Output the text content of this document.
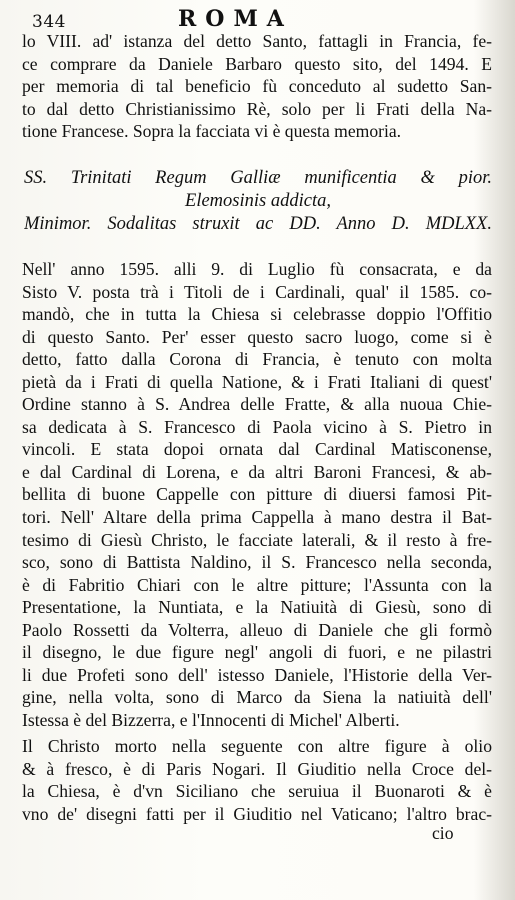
344	ROMA
lo VIII. ad' istanza del detto Santo, fattagli in Francia, fe-
ce comprare da Daniele Barbaro questo sito, del 1494. E
per memoria di tal beneficio fù conceduto al sudetto San-
to dal detto Christianissimo Rè, solo per li Frati della Na-
tione Francese. Sopra la facciata vi è questa memoria.
SS. Trinitati Regum Galliæ munificentia & pior.
Elemosinis addicta,
Minimor. Sodalitas struxit ac DD. Anno D. MDLXX.
Nell' anno 1595. alli 9. di Luglio fù consacrata, e da
Sisto V. posta trà i Titoli de i Cardinali, qual' il 1585. co-
mandò, che in tutta la Chiesa si celebrasse doppio l'Offitio
di questo Santo. Per' esser questo sacro luogo, come si è
detto, fatto dalla Corona di Francia, è tenuto con molta
pietà da i Frati di quella Natione, & i Frati Italiani di quest'
Ordine stanno à S. Andrea delle Fratte, & alla nuoua Chie-
sa dedicata à S. Francesco di Paola vicino à S. Pietro in
vincoli. E stata dopoi ornata dal Cardinal Matisconense,
e dal Cardinal di Lorena, e da altri Baroni Francesi, & ab-
bellita di buone Cappelle con pitture di diuersi famosi Pit-
tori. Nell' Altare della prima Cappella à mano destra il Bat-
tesimo di Giesù Christo, le facciate laterali, & il resto à fre-
sco, sono di Battista Naldino, il S. Francesco nella seconda,
è di Fabritio Chiari con le altre pitture; l'Assunta con la
Presentatione, la Nuntiata, e la Natiuità di Giesù, sono di
Paolo Rossetti da Volterra, alleuo di Daniele che gli formò
il disegno, le due figure negl' angoli di fuori, e ne pilastri
li due Profeti sono dell' istesso Daniele, l'Historie della Ver-
gine, nella volta, sono di Marco da Siena la natiuità dell'
Istessa è del Bizzerra, e l'Innocenti di Michel' Alberti.
Il Christo morto nella seguente con altre figure à olio
& à fresco, è di Paris Nogari. Il Giuditio nella Croce del-
la Chiesa, è d'vn Siciliano che seruiua il Buonaroti & è
vno de' disegni fatti per il Giuditio nel Vaticano; l'altro brac-
cio
